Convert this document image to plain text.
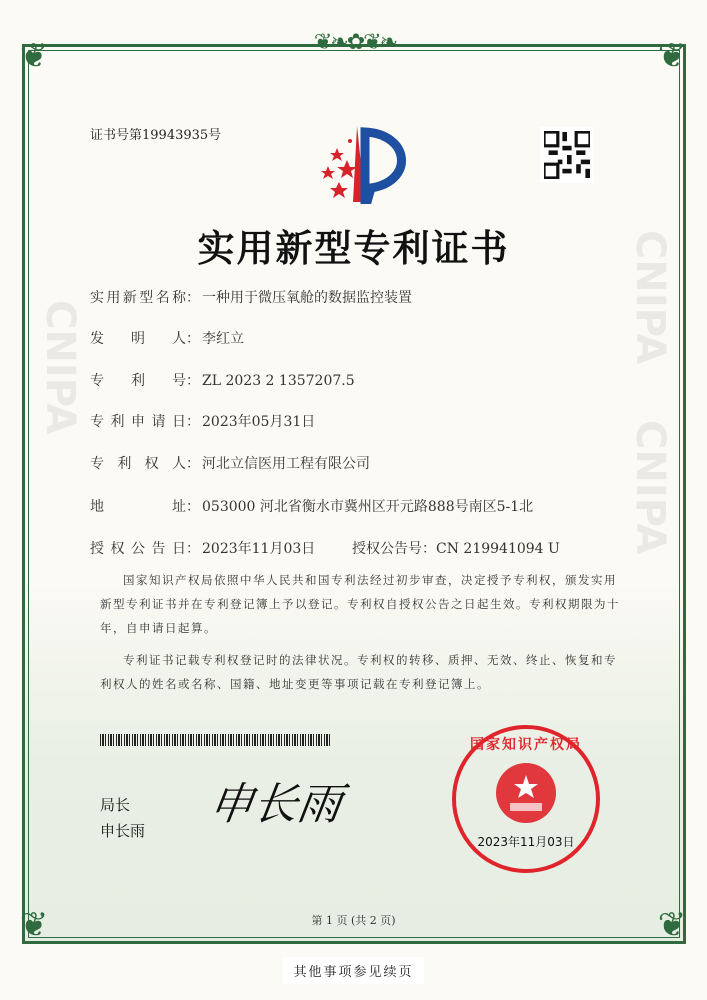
❦❧✿❦❧
❦	❦
❦	❦
证书号第19943935号
实用新型专利证书
实用新型名称： 一种用于微压氧舱的数据监控装置
发明人： 李红立
专利号： ZL 2023 2 1357207.5
专利申请日： 2023年05月31日
专利权人： 河北立信医用工程有限公司
地址： 053000 河北省衡水市冀州区开元路888号南区5-1北
授权公告日： 2023年11月03日	授权公告号：CN 219941094 U
国家知识产权局依照中华人民共和国专利法经过初步审查，决定授予专利权，颁发实用新型专利证书并在专利登记簿上予以登记。专利权自授权公告之日起生效。专利权期限为十年，自申请日起算。
专利证书记载专利权登记时的法律状况。专利权的转移、质押、无效、终止、恢复和专利权人的姓名或名称、国籍、地址变更等事项记载在专利登记簿上。
局长
申长雨
申长雨
国家知识产权局
2023年11月03日
第 1 页 (共 2 页)
其他事项参见续页
